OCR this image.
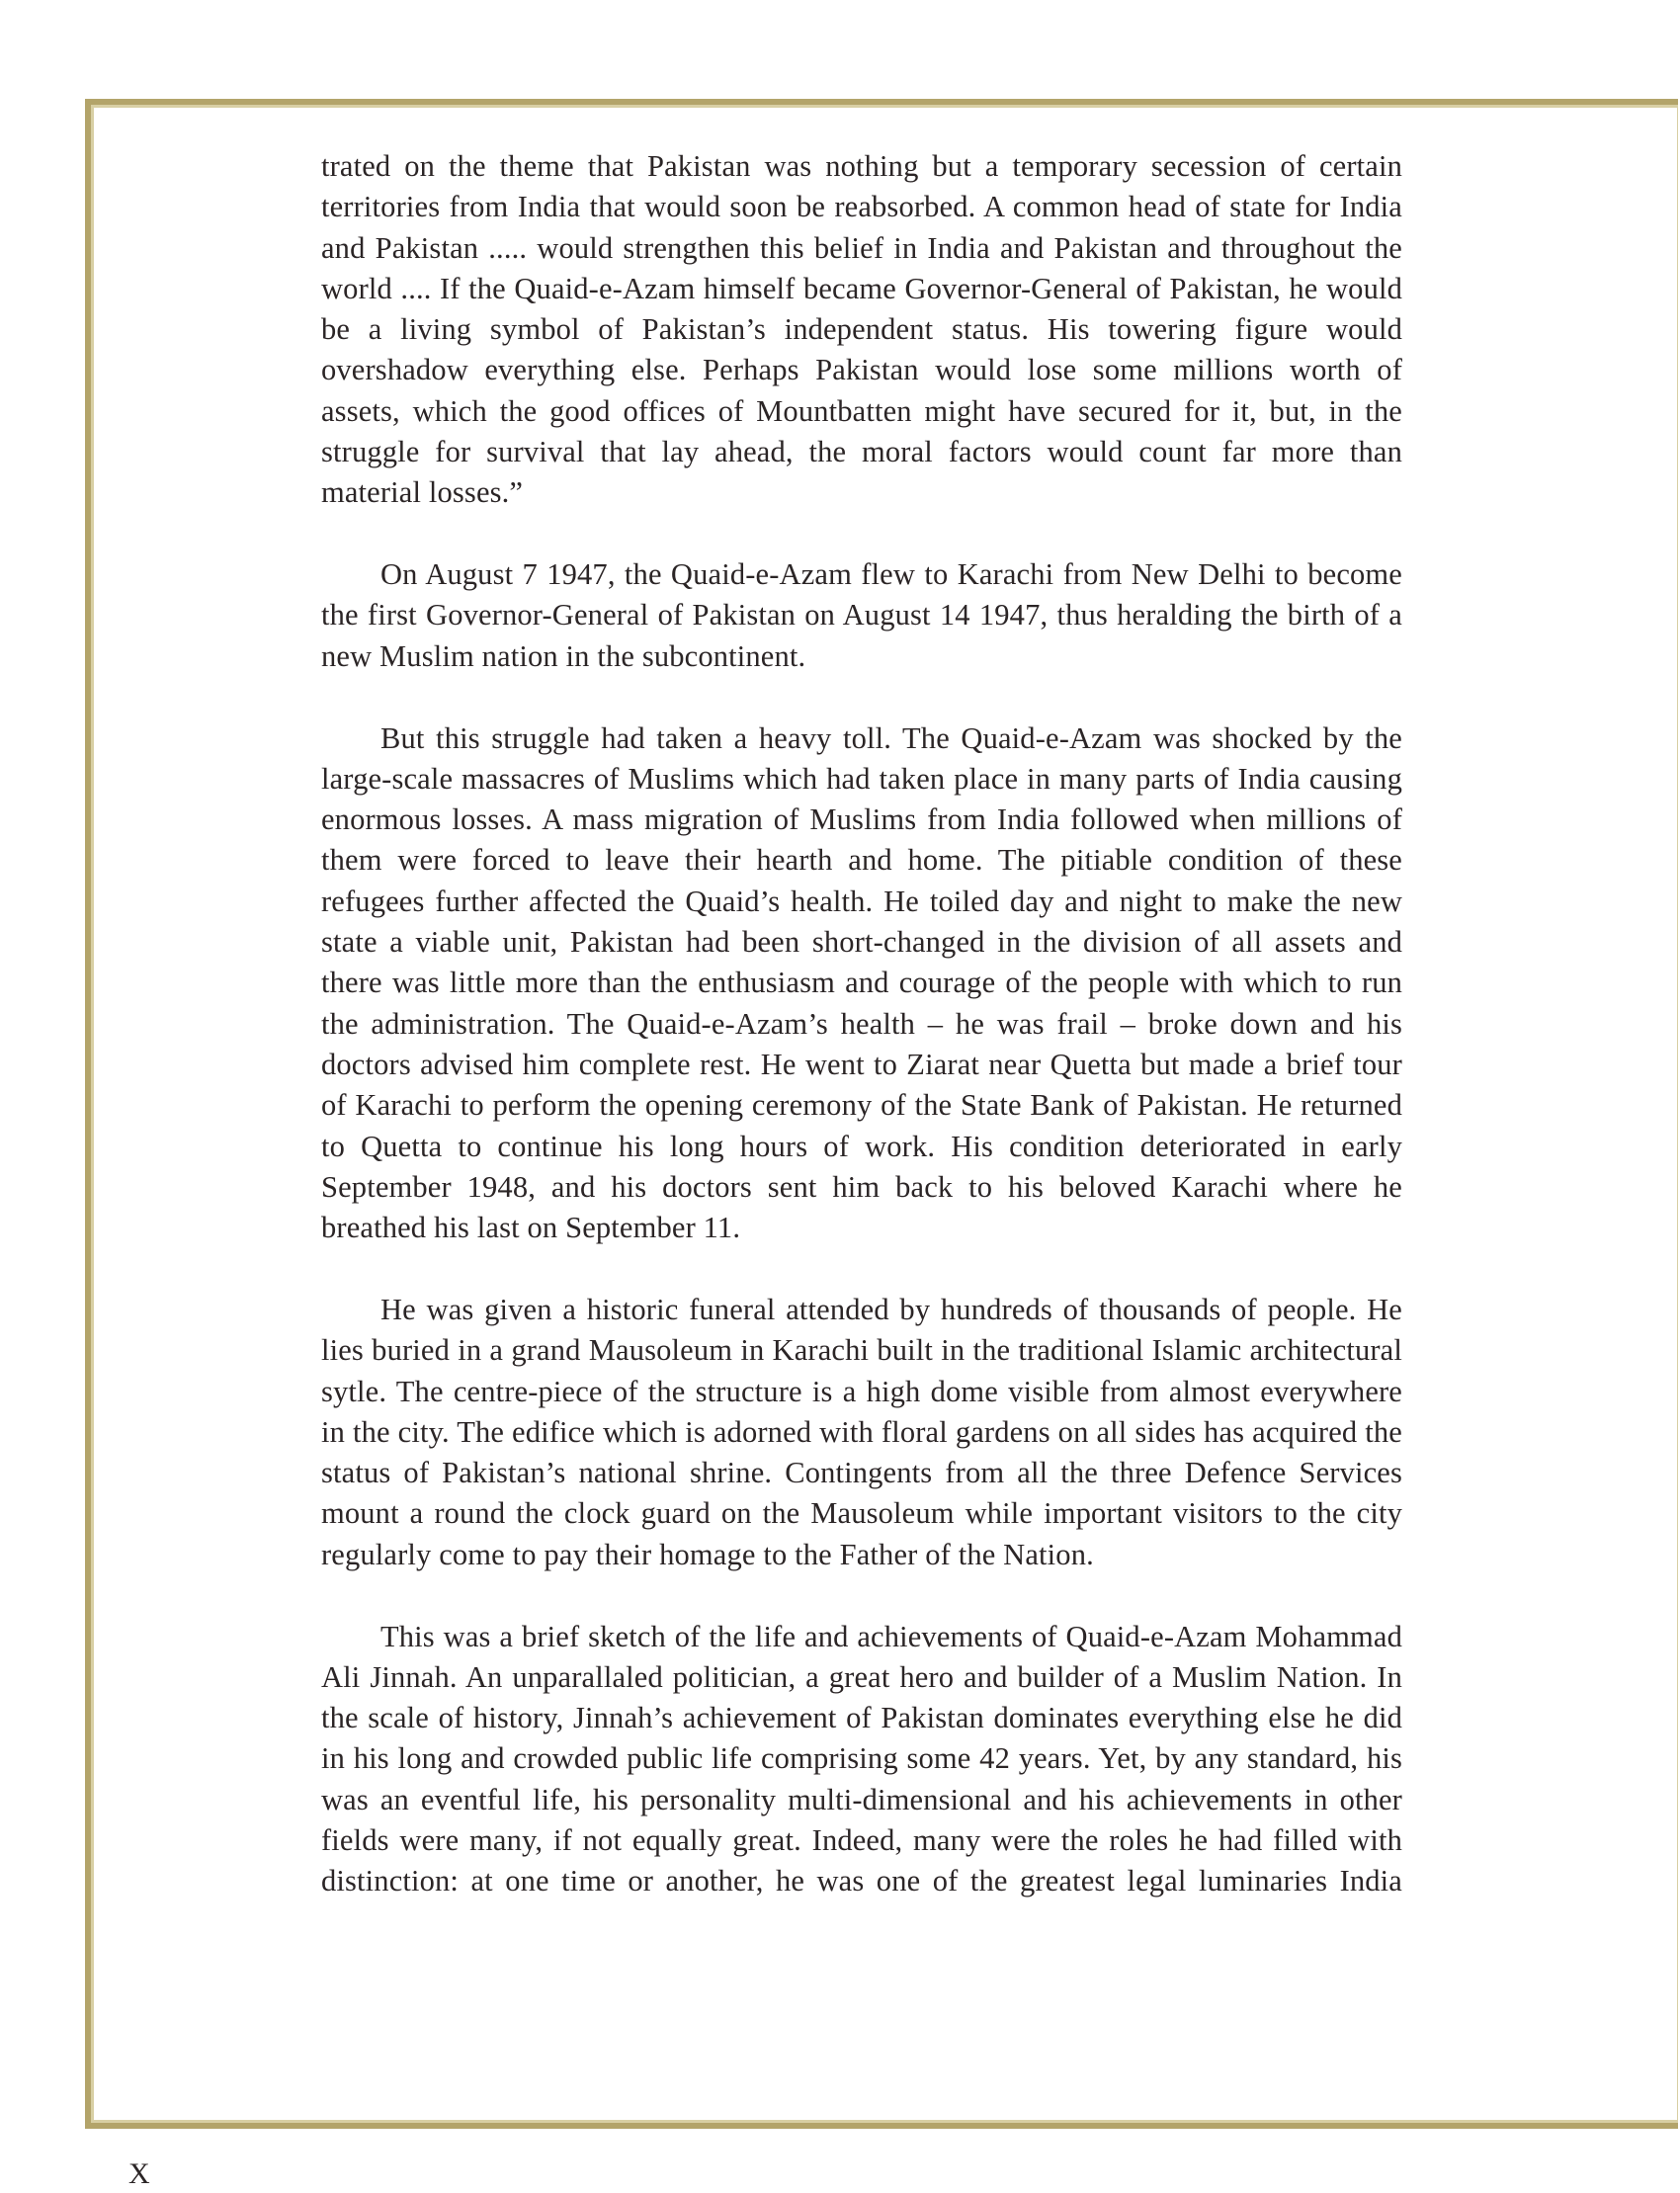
trated on the theme that Pakistan was nothing but a temporary secession of certain territories from India that would soon be reabsorbed. A common head of state for India and Pakistan ..... would strengthen this belief in India and Pakistan and throughout the world .... If the Quaid-e-Azam himself became Governor-General of Pakistan, he would be a living symbol of Pakistan’s independent status. His towering figure would overshadow everything else. Perhaps Pakistan would lose some millions worth of assets, which the good offices of Mountbatten might have secured for it, but, in the struggle for survival that lay ahead, the moral factors would count far more than material losses.”

On August 7 1947, the Quaid-e-Azam flew to Karachi from New Delhi to become the first Governor-General of Pakistan on August 14 1947, thus heralding the birth of a new Muslim nation in the subcontinent.

But this struggle had taken a heavy toll. The Quaid-e-Azam was shocked by the large-scale massacres of Muslims which had taken place in many parts of India causing enormous losses. A mass migration of Muslims from India followed when millions of them were forced to leave their hearth and home. The pitiable condition of these refugees further affected the Quaid’s health. He toiled day and night to make the new state a viable unit, Pakistan had been short-changed in the division of all assets and there was little more than the enthusiasm and courage of the people with which to run the administration. The Quaid-e-Azam’s health – he was frail – broke down and his doctors advised him complete rest. He went to Ziarat near Quetta but made a brief tour of Karachi to perform the opening ceremony of the State Bank of Pakistan. He returned to Quetta to continue his long hours of work. His condition deteriorated in early September 1948, and his doctors sent him back to his beloved Karachi where he breathed his last on September 11.

He was given a historic funeral attended by hundreds of thousands of people. He lies buried in a grand Mausoleum in Karachi built in the traditional Islamic architectural sytle. The centre-piece of the structure is a high dome visible from almost everywhere in the city. The edifice which is adorned with floral gardens on all sides has acquired the status of Pakistan’s national shrine. Contingents from all the three Defence Services mount a round the clock guard on the Mausoleum while important visitors to the city regularly come to pay their homage to the Father of the Nation.

This was a brief sketch of the life and achievements of Quaid-e-Azam Mohammad Ali Jinnah. An unparallaled politician, a great hero and builder of a Muslim Nation. In the scale of history, Jinnah’s achievement of Pakistan dominates everything else he did in his long and crowded public life comprising some 42 years. Yet, by any standard, his was an eventful life, his personality multi-dimensional and his achievements in other fields were many, if not equally great. Indeed, many were the roles he had filled with distinction: at one time or another, he was one of the greatest legal luminaries India

X
